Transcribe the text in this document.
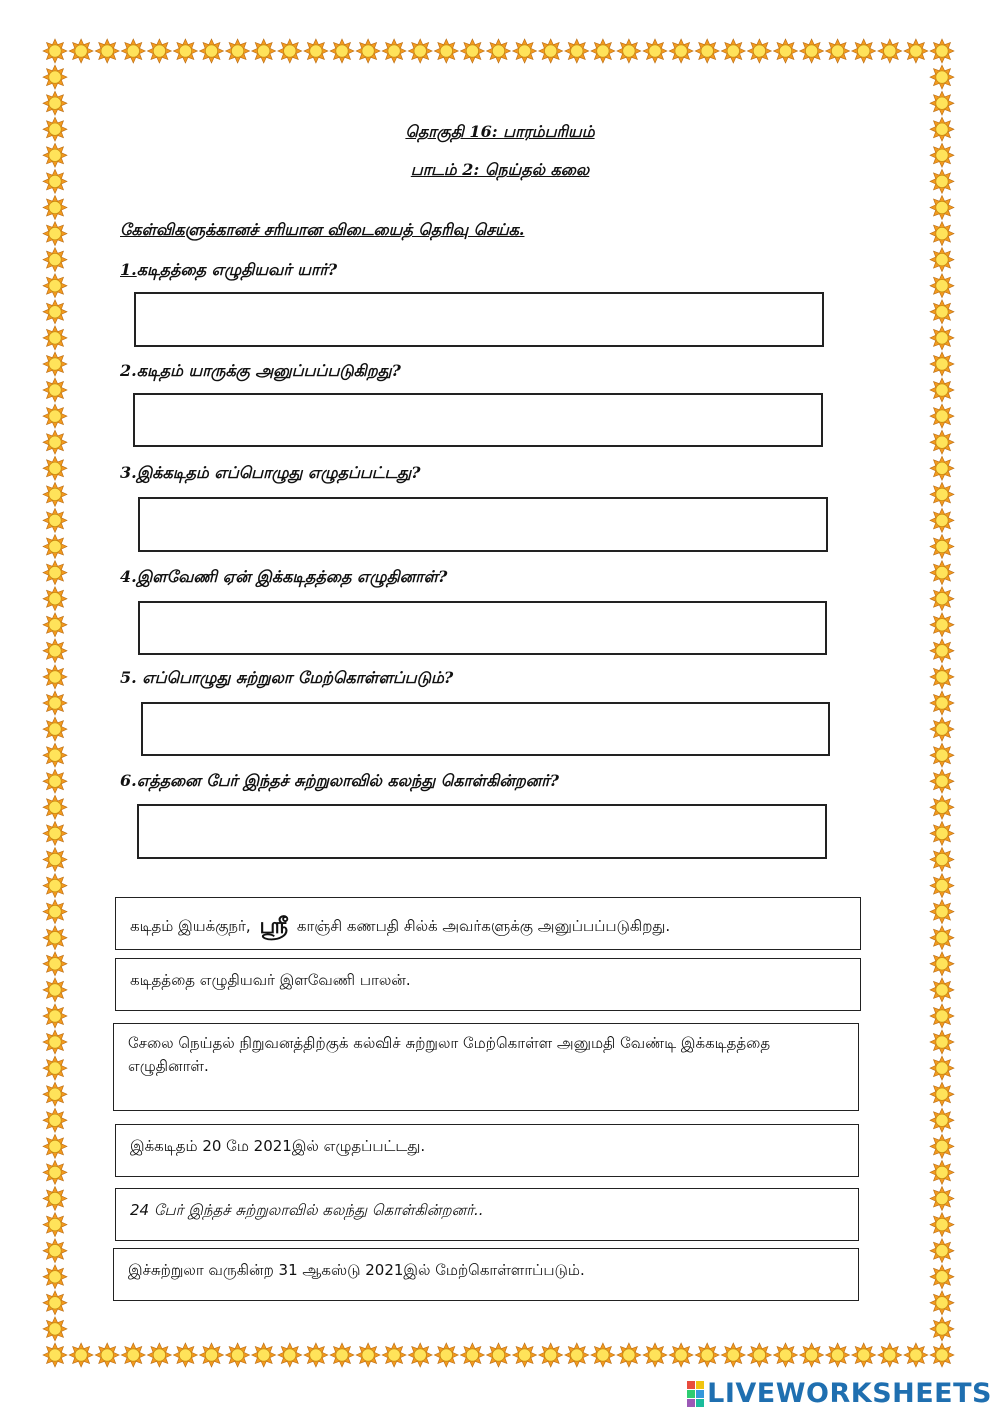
தொகுதி 16: பாரம்பரியம்
பாடம் 2: நெய்தல் கலை
கேள்விகளுக்கானச் சரியான விடையைத் தெரிவு செய்க.
1.கடிதத்தை எழுதியவர் யார்?
2.கடிதம் யாருக்கு அனுப்பப்படுகிறது?
3.இக்கடிதம் எப்பொழுது எழுதப்பட்டது?
4.இளவேணி ஏன் இக்கடிதத்தை எழுதினாள்?
5. எப்பொழுது சுற்றுலா மேற்கொள்ளப்படும்?
6.எத்தனை பேர் இந்தச் சுற்றுலாவில் கலந்து கொள்கின்றனர்?
கடிதம் இயக்குநர், ஸ்ரீ காஞ்சி கணபதி சில்க் அவர்களுக்கு அனுப்பப்படுகிறது.
கடிதத்தை எழுதியவர் இளவேணி பாலன்.
சேலை நெய்தல் நிறுவனத்திற்குக் கல்விச் சுற்றுலா மேற்கொள்ள அனுமதி வேண்டி இக்கடிதத்தை எழுதினாள்.
இக்கடிதம் 20 மே 2021இல் எழுதப்பட்டது.
24 பேர் இந்தச் சுற்றுலாவில் கலந்து கொள்கின்றனர்..
இச்சுற்றுலா வருகின்ற 31 ஆகஸ்டு 2021இல் மேற்கொள்ளாப்படும்.
LIVEWORKSHEETS
